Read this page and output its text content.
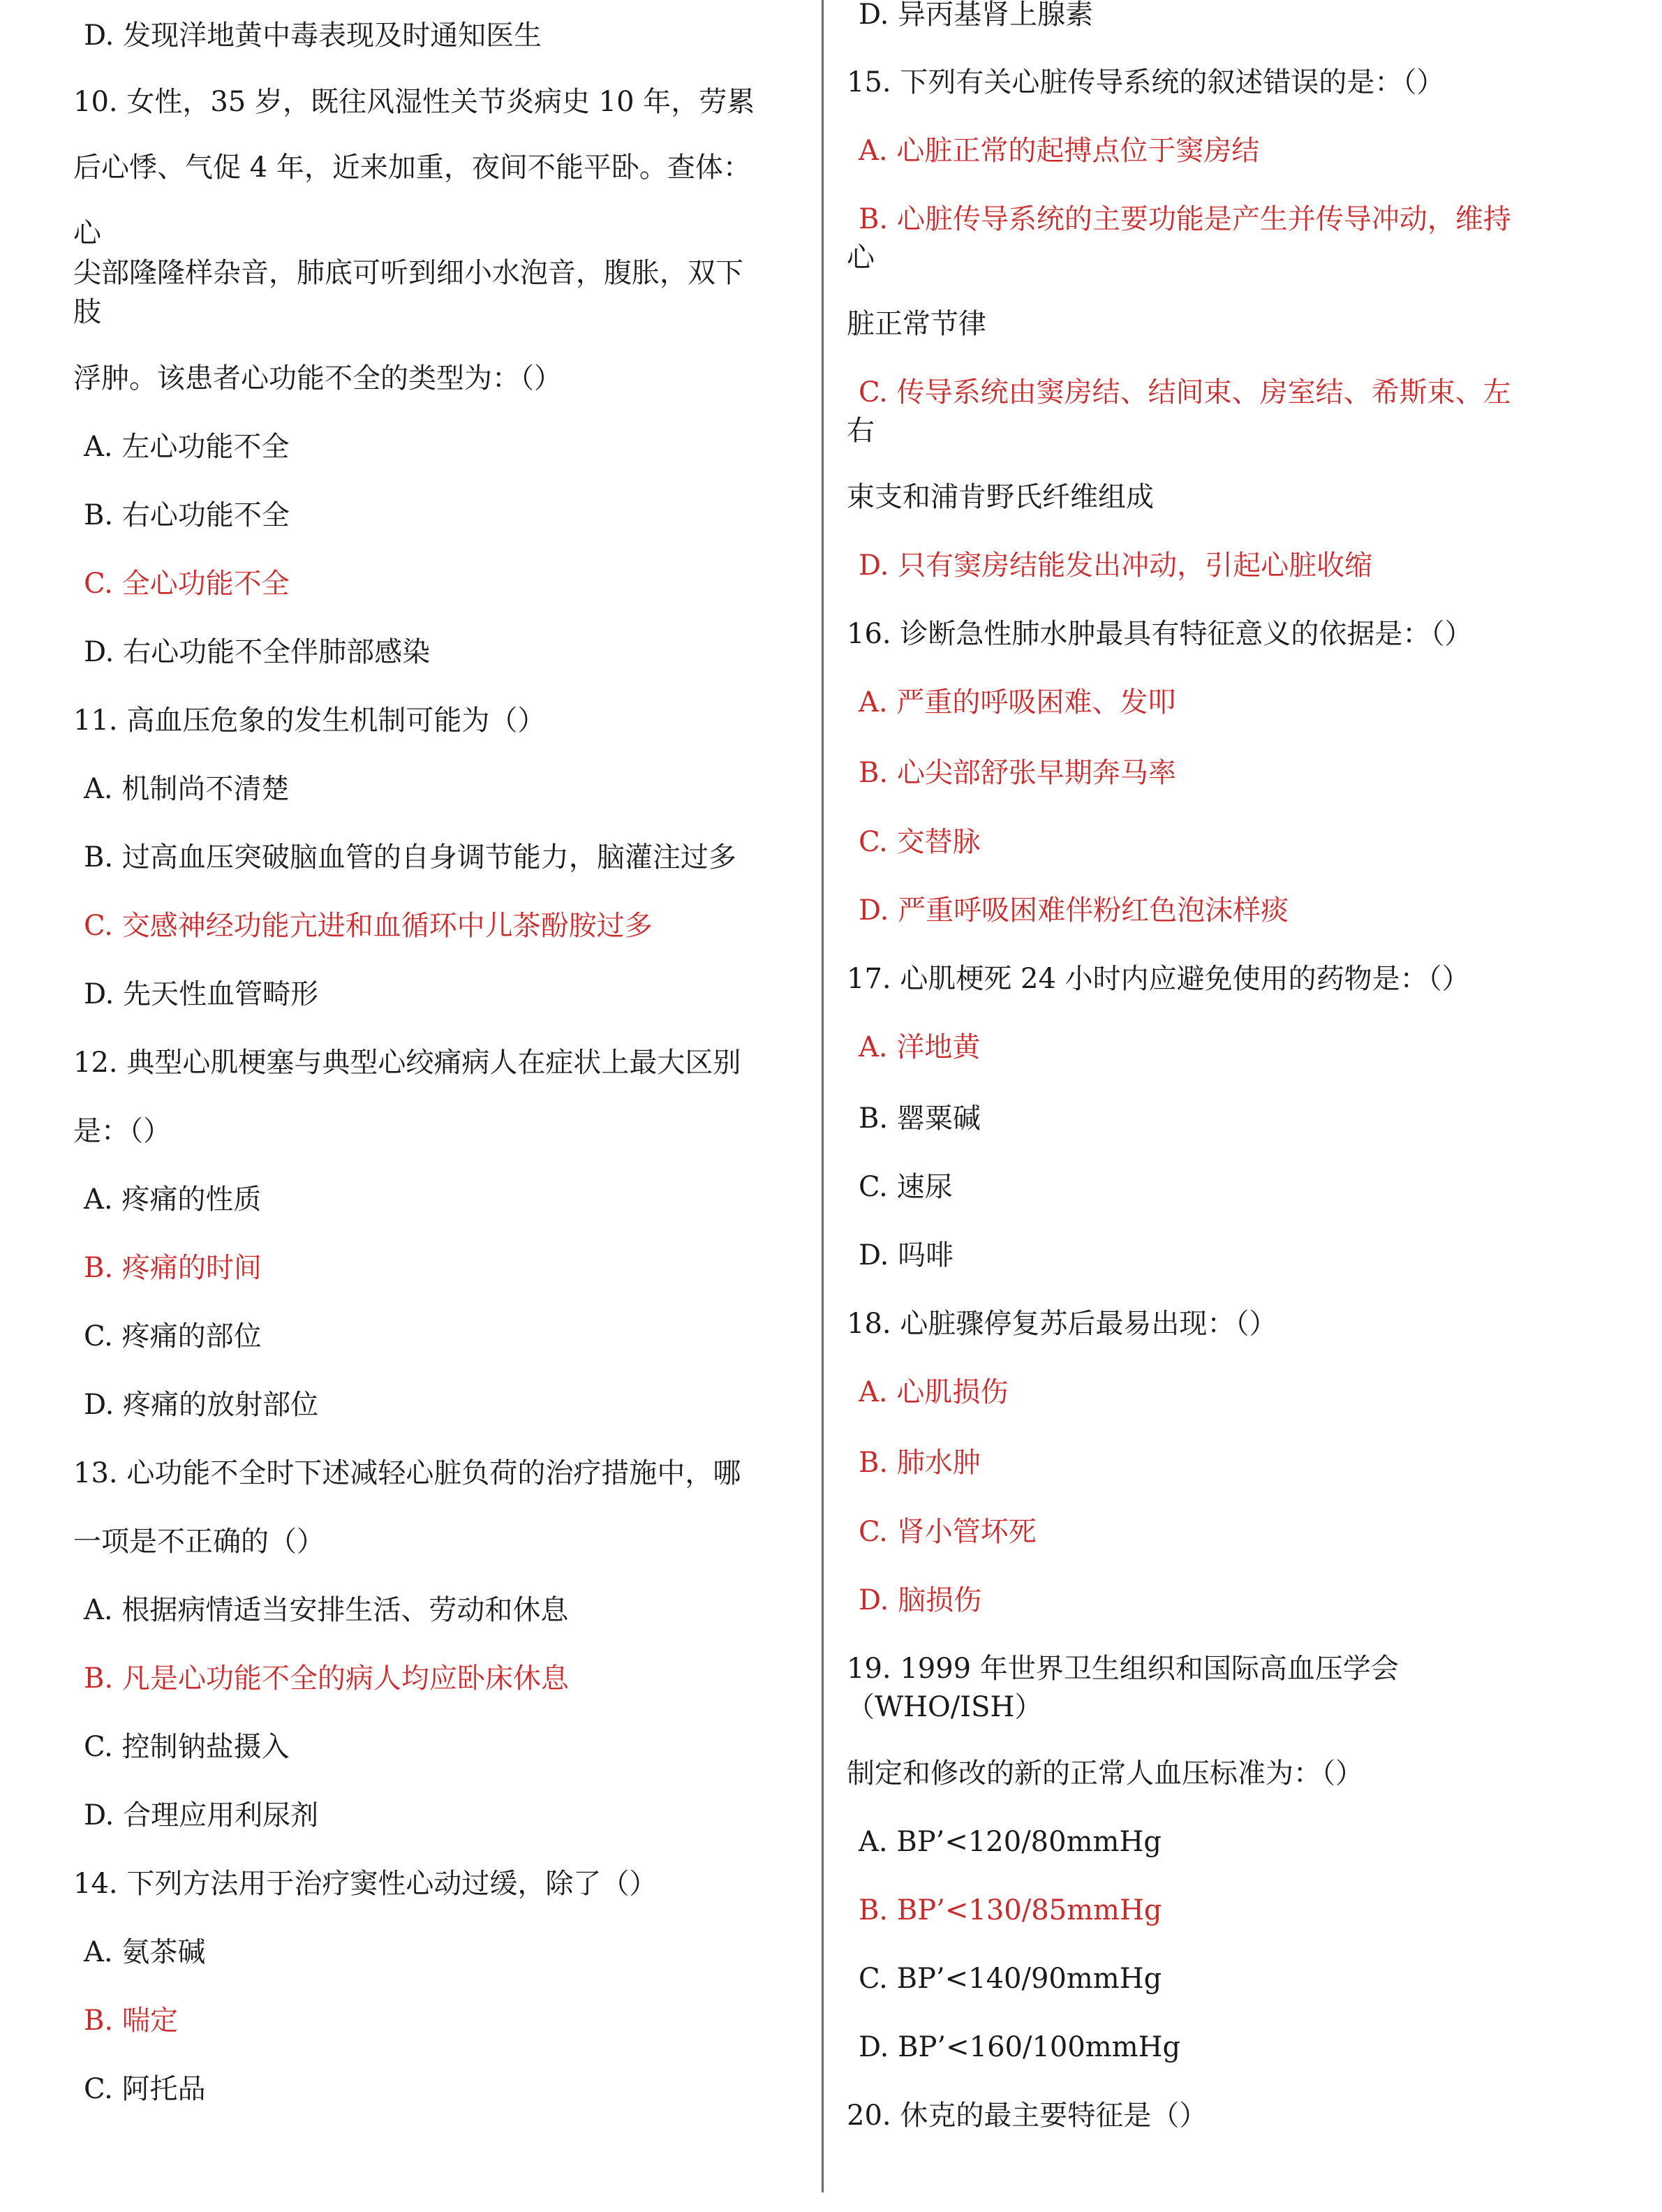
D. 发现洋地黄中毒表现及时通知医生
10. 女性，35 岁，既往风湿性关节炎病史 10 年，劳累
后心悸、气促 4 年，近来加重，夜间不能平卧。查体：
心
尖部隆隆样杂音，肺底可听到细小水泡音，腹胀，双下
肢
浮肿。该患者心功能不全的类型为：（）
A. 左心功能不全
B. 右心功能不全
C. 全心功能不全
D. 右心功能不全伴肺部感染
11. 高血压危象的发生机制可能为（）
A. 机制尚不清楚
B. 过高血压突破脑血管的自身调节能力，脑灌注过多
C. 交感神经功能亢进和血循环中儿茶酚胺过多
D. 先天性血管畸形
12. 典型心肌梗塞与典型心绞痛病人在症状上最大区别
是：（）
A. 疼痛的性质
B. 疼痛的时间
C. 疼痛的部位
D. 疼痛的放射部位
13. 心功能不全时下述减轻心脏负荷的治疗措施中，哪
一项是不正确的（）
A. 根据病情适当安排生活、劳动和休息
B. 凡是心功能不全的病人均应卧床休息
C. 控制钠盐摄入
D. 合理应用利尿剂
14. 下列方法用于治疗窦性心动过缓，除了（）
A. 氨茶碱
B. 喘定
C. 阿托品
D. 异丙基肾上腺素
15. 下列有关心脏传导系统的叙述错误的是：（）
A. 心脏正常的起搏点位于窦房结
B. 心脏传导系统的主要功能是产生并传导冲动，维持
心
脏正常节律
C. 传导系统由窦房结、结间束、房室结、希斯束、左
右
束支和浦肯野氏纤维组成
D. 只有窦房结能发出冲动，引起心脏收缩
16. 诊断急性肺水肿最具有特征意义的依据是：（）
A. 严重的呼吸困难、发叩
B. 心尖部舒张早期奔马率
C. 交替脉
D. 严重呼吸困难伴粉红色泡沫样痰
17. 心肌梗死 24 小时内应避免使用的药物是：（）
A. 洋地黄
B. 罂粟碱
C. 速尿
D. 吗啡
18. 心脏骤停复苏后最易出现：（）
A. 心肌损伤
B. 肺水肿
C. 肾小管坏死
D. 脑损伤
19. 1999 年世界卫生组织和国际高血压学会
（WHO/ISH）
制定和修改的新的正常人血压标准为：（）
A. BP’<120/80mmHg
B. BP’<130/85mmHg
C. BP’<140/90mmHg
D. BP’<160/100mmHg
20. 休克的最主要特征是（）
